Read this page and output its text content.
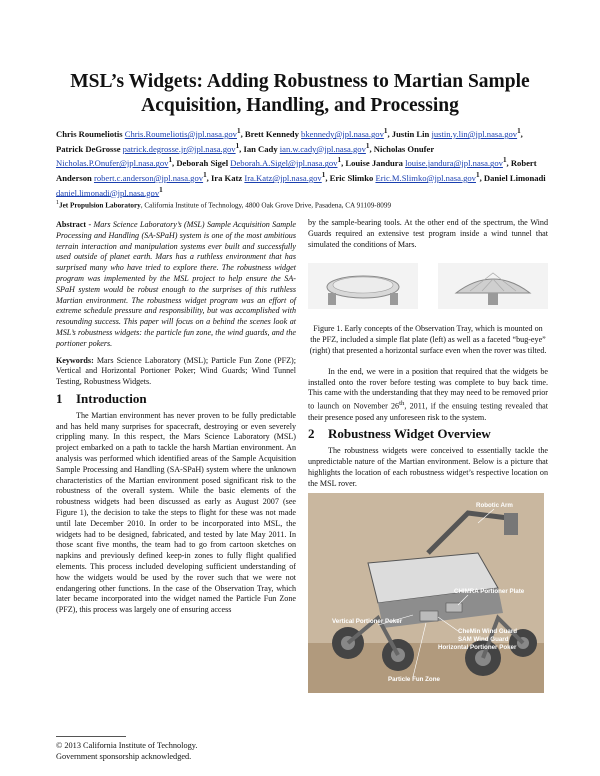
MSL’s Widgets: Adding Robustness to Martian Sample
Acquisition, Handling, and Processing
Chris Roumeliotis Chris.Roumeliotis@jpl.nasa.gov$^1$, Brett Kennedy bkennedy@jpl.nasa.gov$^1$, Justin Lin justin.y.lin@jpl.nasa.gov$^1$, Patrick DeGrosse patrick.degrosse.jr@jpl.nasa.gov$^1$, Ian Cady ian.w.cady@jpl.nasa.gov$^1$, Nicholas Onufer Nicholas.P.Onufer@jpl.nasa.gov$^1$, Deborah Sigel Deborah.A.Sigel@jpl.nasa.gov$^1$, Louise Jandura louise.jandura@jpl.nasa.gov$^1$, Robert Anderson robert.c.anderson@jpl.nasa.gov$^1$, Ira Katz Ira.Katz@jpl.nasa.gov$^1$, Eric Slimko Eric.M.Slimko@jpl.nasa.gov$^1$, Daniel Limonadi daniel.limonadi@jpl.nasa.gov$^1$
$^1$Jet Propulsion Laboratory, California Institute of Technology, 4800 Oak Grove Drive, Pasadena, CA 91109-8099

Abstract - Mars Science Laboratory’s (MSL) Sample Acquisition Sample Processing and Handling (SA-SPaH) system is one of the most ambitious terrain interaction and manipulation systems ever built and successfully used outside of planet earth. Mars has a ruthless environment that has surprised many who have tried to explore there. The robustness widget program was implemented by the MSL project to help ensure the SA-SPaH system would be robust enough to the surprises of this ruthless Martian environment. The robustness widget program was an effort of extreme schedule pressure and responsibility, but was accomplished with resounding success. This paper will focus on a behind the scenes look at MSL’s robustness widgets: the particle fun zone, the wind guards, and the portioner pokers.

Keywords: Mars Science Laboratory (MSL); Particle Fun Zone (PFZ); Vertical and Horizontal Portioner Poker; Wind Guards; Wind Tunnel Testing, Robustness Widgets.

1 Introduction

The Martian environment has never proven to be fully predictable and has held many surprises for spacecraft, destroying or even severely crippling many. In this respect, the Mars Science Laboratory (MSL) project embarked on a path to tackle the harsh Martian environment. An analysis was performed which identified areas of the Sample Acquisition Sample Processing and Handling (SA-SPaH) system where the unknown characteristics of the Martian environment posed significant risk to the robustness of the overall system. While the basic elements of the robustness widgets had been discussed as early as August 2007 (see Figure 1), the decision to take the steps to flight for these was not made until late December 2010. In order to be incorporated into MSL, the widgets had to be designed, fabricated, and tested by late May 2011. In those scant five months, the team had to go from cartoon sketches on napkins and previously defined keep-in zones to fully flight qualified elements. This process included developing sufficient understanding of how the widgets would be used by the rover such that we were not endangering other functions. In the case of the Observation Tray, which later became incorporated into the widget named the Particle Fun Zone (PFZ), this process was largely one of ensuring access

by the sample-bearing tools. At the other end of the spectrum, the Wind Guards required an extensive test program inside a wind tunnel that simulated the conditions of Mars.

Figure 1. Early concepts of the Observation Tray, which is mounted on the PFZ, included a simple flat plate (left) as well as a faceted “bug-eye” (right) that presented a horizontal surface even when the rover was tilted.

In the end, we were in a position that required that the widgets be installed onto the rover before testing was complete to buy back time. This came with the understanding that they may need to be removed prior to launch on November 26th, 2011, if the ensuing testing revealed that their presence posed any unforeseen risk to the system.

2 Robustness Widget Overview

The robustness widgets were conceived to essentially tackle the unpredictable nature of the Martian environment. Below is a picture that highlights the location of each robustness widget’s respective location on the MSL rover.

Robotic Arm
CHIMRA Portioner Plate
Vertical Portioner Poker
CheMin Wind Guard
SAM Wind Guard
Horizontal Portioner Poker
Particle Fun Zone
© 2013 California Institute of Technology.
Government sponsorship acknowledged.
